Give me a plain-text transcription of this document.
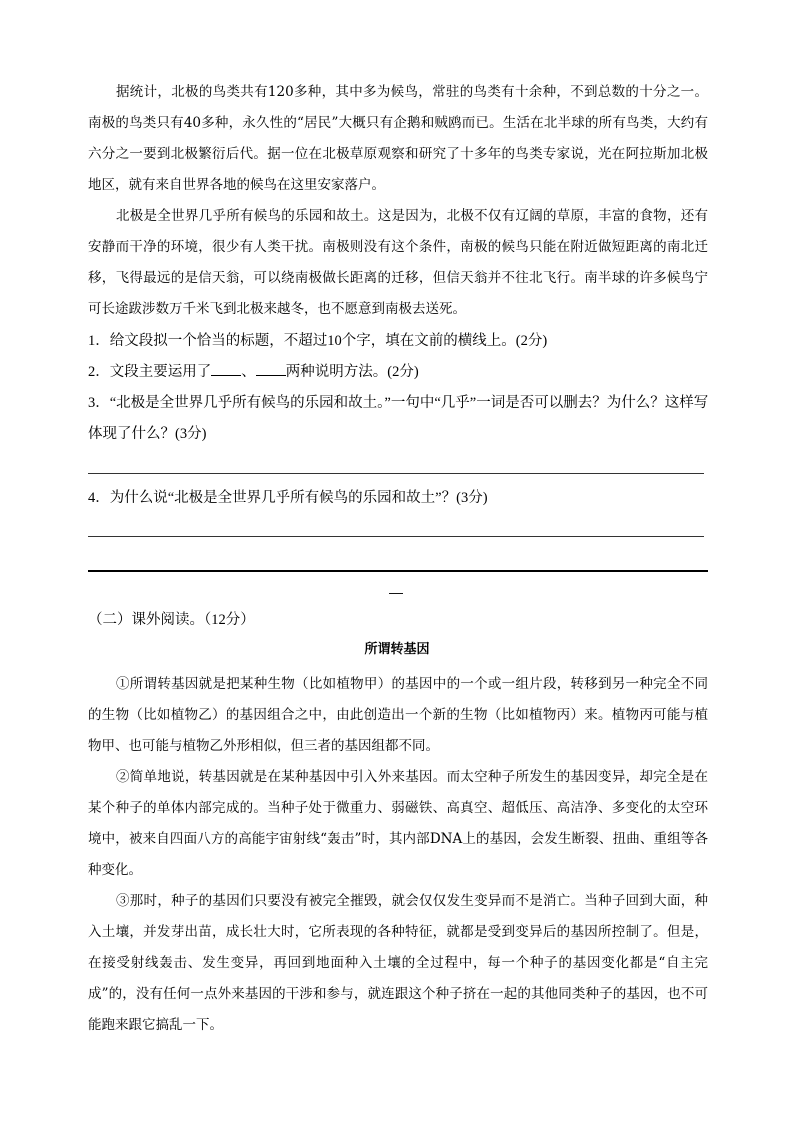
据统计，北极的鸟类共有120多种，其中多为候鸟，常驻的鸟类有十余种，不到总数的十分之一。南极的鸟类只有40多种，永久性的“居民”大概只有企鹅和贼鸥而已。生活在北半球的所有鸟类，大约有六分之一要到北极繁衍后代。据一位在北极草原观察和研究了十多年的鸟类专家说，光在阿拉斯加北极地区，就有来自世界各地的候鸟在这里安家落户。

北极是全世界几乎所有候鸟的乐园和故土。这是因为，北极不仅有辽阔的草原，丰富的食物，还有安静而干净的环境，很少有人类干扰。南极则没有这个条件，南极的候鸟只能在附近做短距离的南北迁移，飞得最远的是信天翁，可以绕南极做长距离的迁移，但信天翁并不往北飞行。南半球的许多候鸟宁可长途跋涉数万千米飞到北极来越冬，也不愿意到南极去送死。

1．给文段拟一个恰当的标题，不超过10个字，填在文前的横线上。(2分)

2．文段主要运用了 、 两种说明方法。(2分)

3．“北极是全世界几乎所有候鸟的乐园和故土。”一句中“几乎”一词是否可以删去？为什么？这样写体现了什么？(3分)

4．为什么说“北极是全世界几乎所有候鸟的乐园和故土”？(3分)

—

（二）课外阅读。（12分）

所谓转基因

①所谓转基因就是把某种生物（比如植物甲）的基因中的一个或一组片段，转移到另一种完全不同的生物（比如植物乙）的基因组合之中，由此创造出一个新的生物（比如植物丙）来。植物丙可能与植物甲、也可能与植物乙外形相似，但三者的基因组都不同。

②简单地说，转基因就是在某种基因中引入外来基因。而太空种子所发生的基因变异，却完全是在某个种子的单体内部完成的。当种子处于微重力、弱磁铁、高真空、超低压、高洁净、多变化的太空环境中，被来自四面八方的高能宇宙射线“轰击”时，其内部DNA上的基因，会发生断裂、扭曲、重组等各种变化。

③那时，种子的基因们只要没有被完全摧毁，就会仅仅发生变异而不是消亡。当种子回到大面，种入土壤，并发芽出苗，成长壮大时，它所表现的各种特征，就都是受到变异后的基因所控制了。但是，在接受射线轰击、发生变异，再回到地面种入土壤的全过程中，每一个种子的基因变化都是“自主完成”的，没有任何一点外来基因的干涉和参与，就连跟这个种子挤在一起的其他同类种子的基因，也不可能跑来跟它搞乱一下。
